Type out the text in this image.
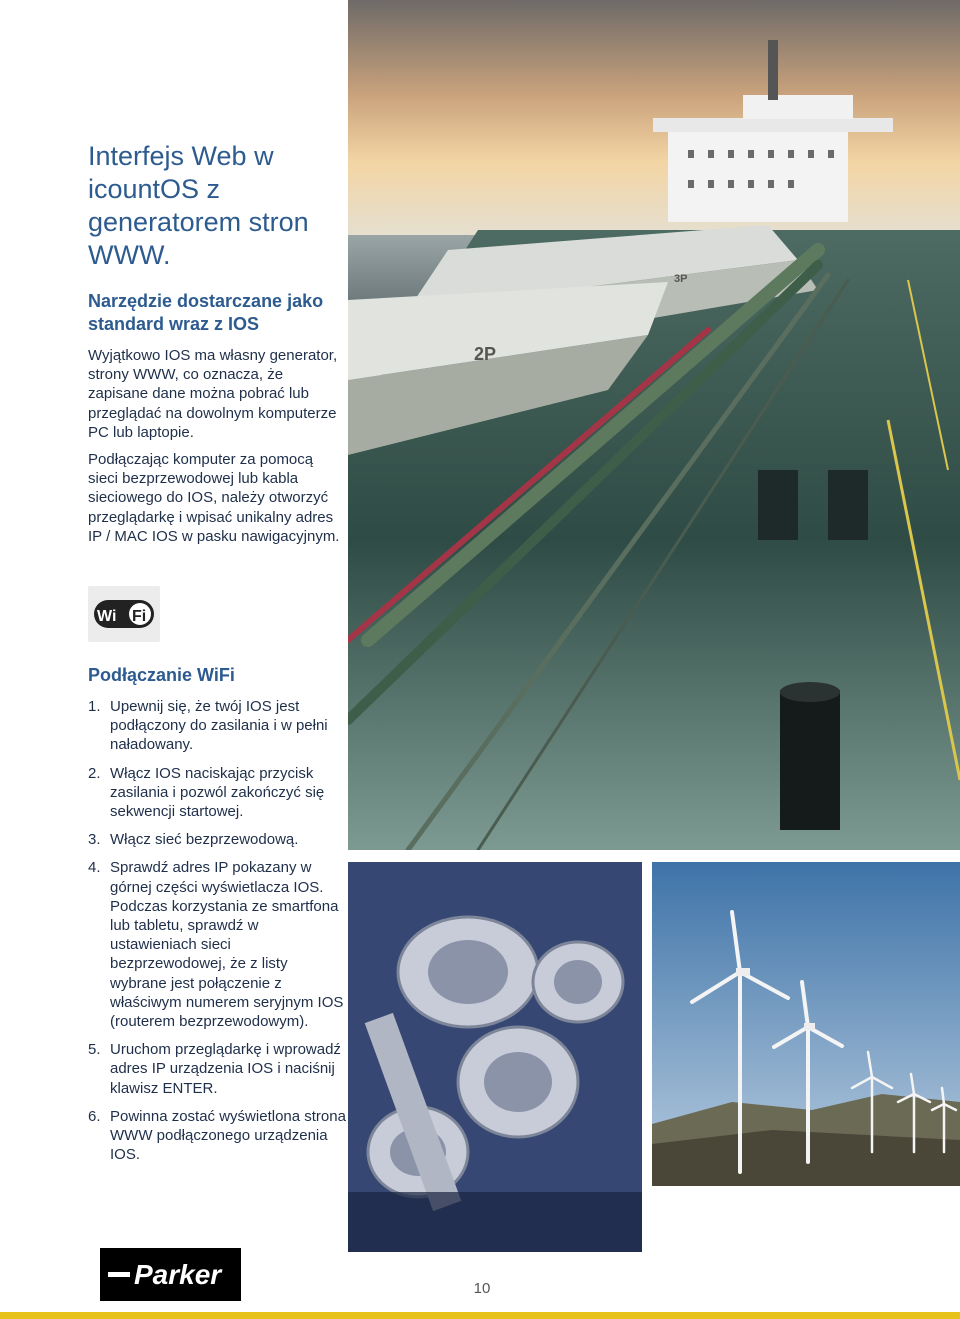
Interfejs Web w icountOS z generatorem stron WWW.
Narzędzie dostarczane jako standard wraz z IOS

Wyjątkowo IOS ma własny generator, strony WWW, co oznacza, że zapisane dane można pobrać lub przeglądać na dowolnym komputerze PC lub laptopie.

Podłączając komputer za pomocą sieci bezprzewodowej lub kabla sieciowego do IOS, należy otworzyć przeglądarkę i wpisać unikalny adres IP / MAC IOS w pasku nawigacyjnym.

Wi Fi
Podłączanie WiFi
1. Upewnij się, że twój IOS jest podłączony do zasilania i w pełni naładowany.
2. Włącz IOS naciskając przycisk zasilania i pozwól zakończyć się sekwencji startowej.
3. Włącz sieć bezprzewodową.
4. Sprawdź adres IP pokazany w górnej części wyświetlacza IOS. Podczas korzystania ze smartfona lub tabletu, sprawdź w ustawieniach sieci bezprzewodowej, że z listy wybrane jest połączenie z właściwym numerem seryjnym IOS (routerem bezprzewodowym).
5. Uruchom przeglądarkę i wprowadź adres IP urządzenia IOS i naciśnij klawisz ENTER.
6. Powinna zostać wyświetlona strona WWW podłączonego urządzenia IOS.
2P
3P
Parker	10
